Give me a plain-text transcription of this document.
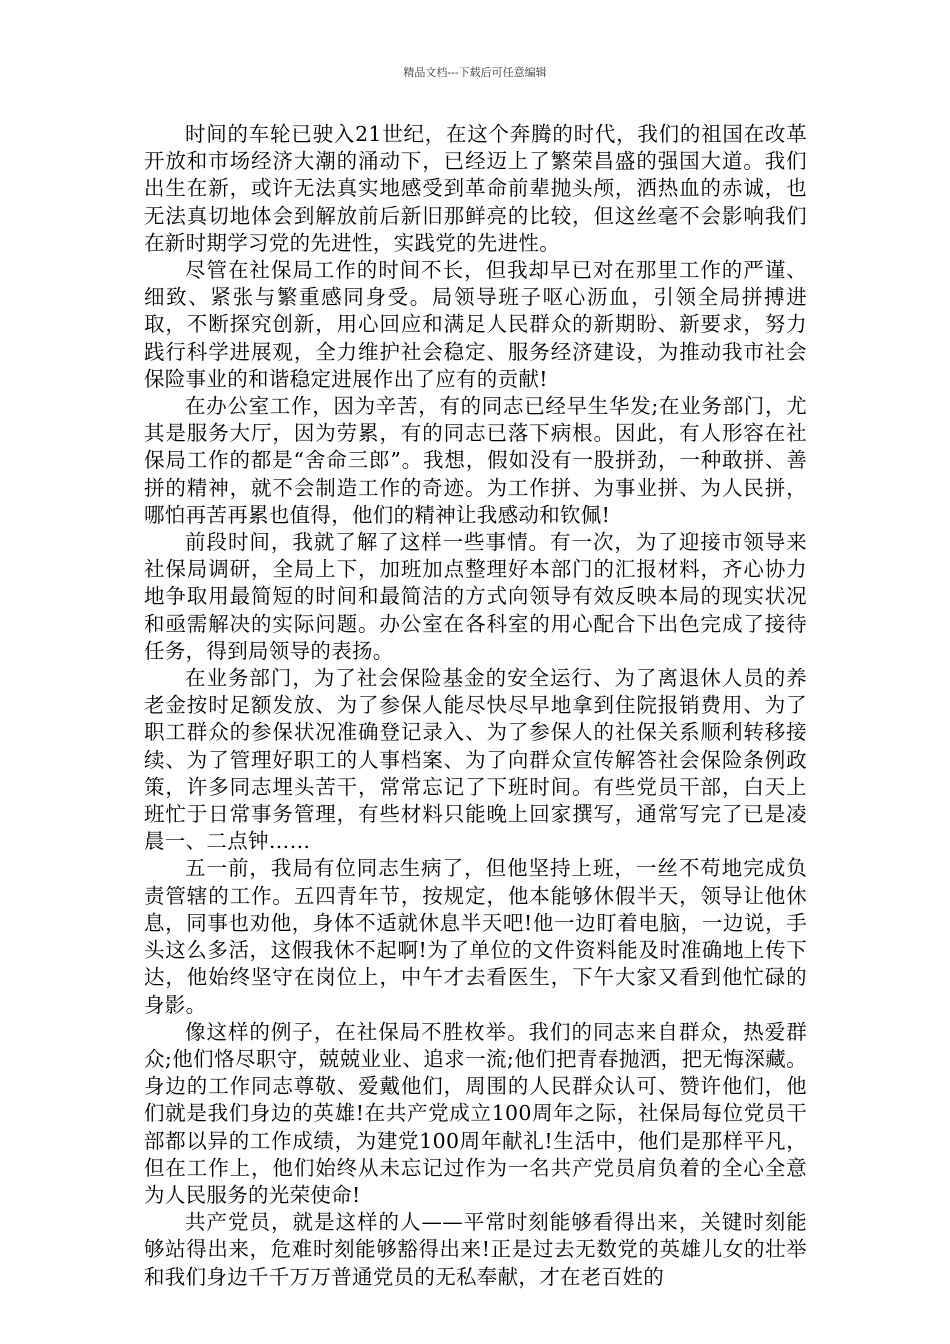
精品文档---下载后可任意编辑

时间的车轮已驶入21世纪，在这个奔腾的时代，我们的祖国在改革开放和市场经济大潮的涌动下，已经迈上了繁荣昌盛的强国大道。我们出生在新，或许无法真实地感受到革命前辈抛头颅，洒热血的赤诚，也无法真切地体会到解放前后新旧那鲜亮的比较，但这丝毫不会影响我们在新时期学习党的先进性，实践党的先进性。

尽管在社保局工作的时间不长，但我却早已对在那里工作的严谨、细致、紧张与繁重感同身受。局领导班子呕心沥血，引领全局拼搏进取，不断探究创新，用心回应和满足人民群众的新期盼、新要求，努力践行科学进展观，全力维护社会稳定、服务经济建设，为推动我市社会保险事业的和谐稳定进展作出了应有的贡献!

在办公室工作，因为辛苦，有的同志已经早生华发;在业务部门，尤其是服务大厅，因为劳累，有的同志已落下病根。因此，有人形容在社保局工作的都是“舍命三郎”。我想，假如没有一股拼劲，一种敢拼、善拼的精神，就不会制造工作的奇迹。为工作拼、为事业拼、为人民拼，哪怕再苦再累也值得，他们的精神让我感动和钦佩!

前段时间，我就了解了这样一些事情。有一次，为了迎接市领导来社保局调研，全局上下，加班加点整理好本部门的汇报材料，齐心协力地争取用最简短的时间和最简洁的方式向领导有效反映本局的现实状况和亟需解决的实际问题。办公室在各科室的用心配合下出色完成了接待任务，得到局领导的表扬。

在业务部门，为了社会保险基金的安全运行、为了离退休人员的养老金按时足额发放、为了参保人能尽快尽早地拿到住院报销费用、为了职工群众的参保状况准确登记录入、为了参保人的社保关系顺利转移接续、为了管理好职工的人事档案、为了向群众宣传解答社会保险条例政策，许多同志埋头苦干，常常忘记了下班时间。有些党员干部，白天上班忙于日常事务管理，有些材料只能晚上回家撰写，通常写完了已是凌晨一、二点钟……

五一前，我局有位同志生病了，但他坚持上班，一丝不苟地完成负责管辖的工作。五四青年节，按规定，他本能够休假半天，领导让他休息，同事也劝他，身体不适就休息半天吧!他一边盯着电脑，一边说，手头这么多活，这假我休不起啊!为了单位的文件资料能及时准确地上传下达，他始终坚守在岗位上，中午才去看医生，下午大家又看到他忙碌的身影。

像这样的例子，在社保局不胜枚举。我们的同志来自群众，热爱群众;他们恪尽职守，兢兢业业、追求一流;他们把青春抛洒，把无悔深藏。身边的工作同志尊敬、爱戴他们，周围的人民群众认可、赞许他们，他们就是我们身边的英雄!在共产党成立100周年之际，社保局每位党员干部都以异的工作成绩，为建党100周年献礼!生活中，他们是那样平凡，但在工作上，他们始终从未忘记过作为一名共产党员肩负着的全心全意为人民服务的光荣使命!

共产党员，就是这样的人——平常时刻能够看得出来，关键时刻能够站得出来，危难时刻能够豁得出来!正是过去无数党的英雄儿女的壮举和我们身边千千万万普通党员的无私奉献，才在老百姓的
